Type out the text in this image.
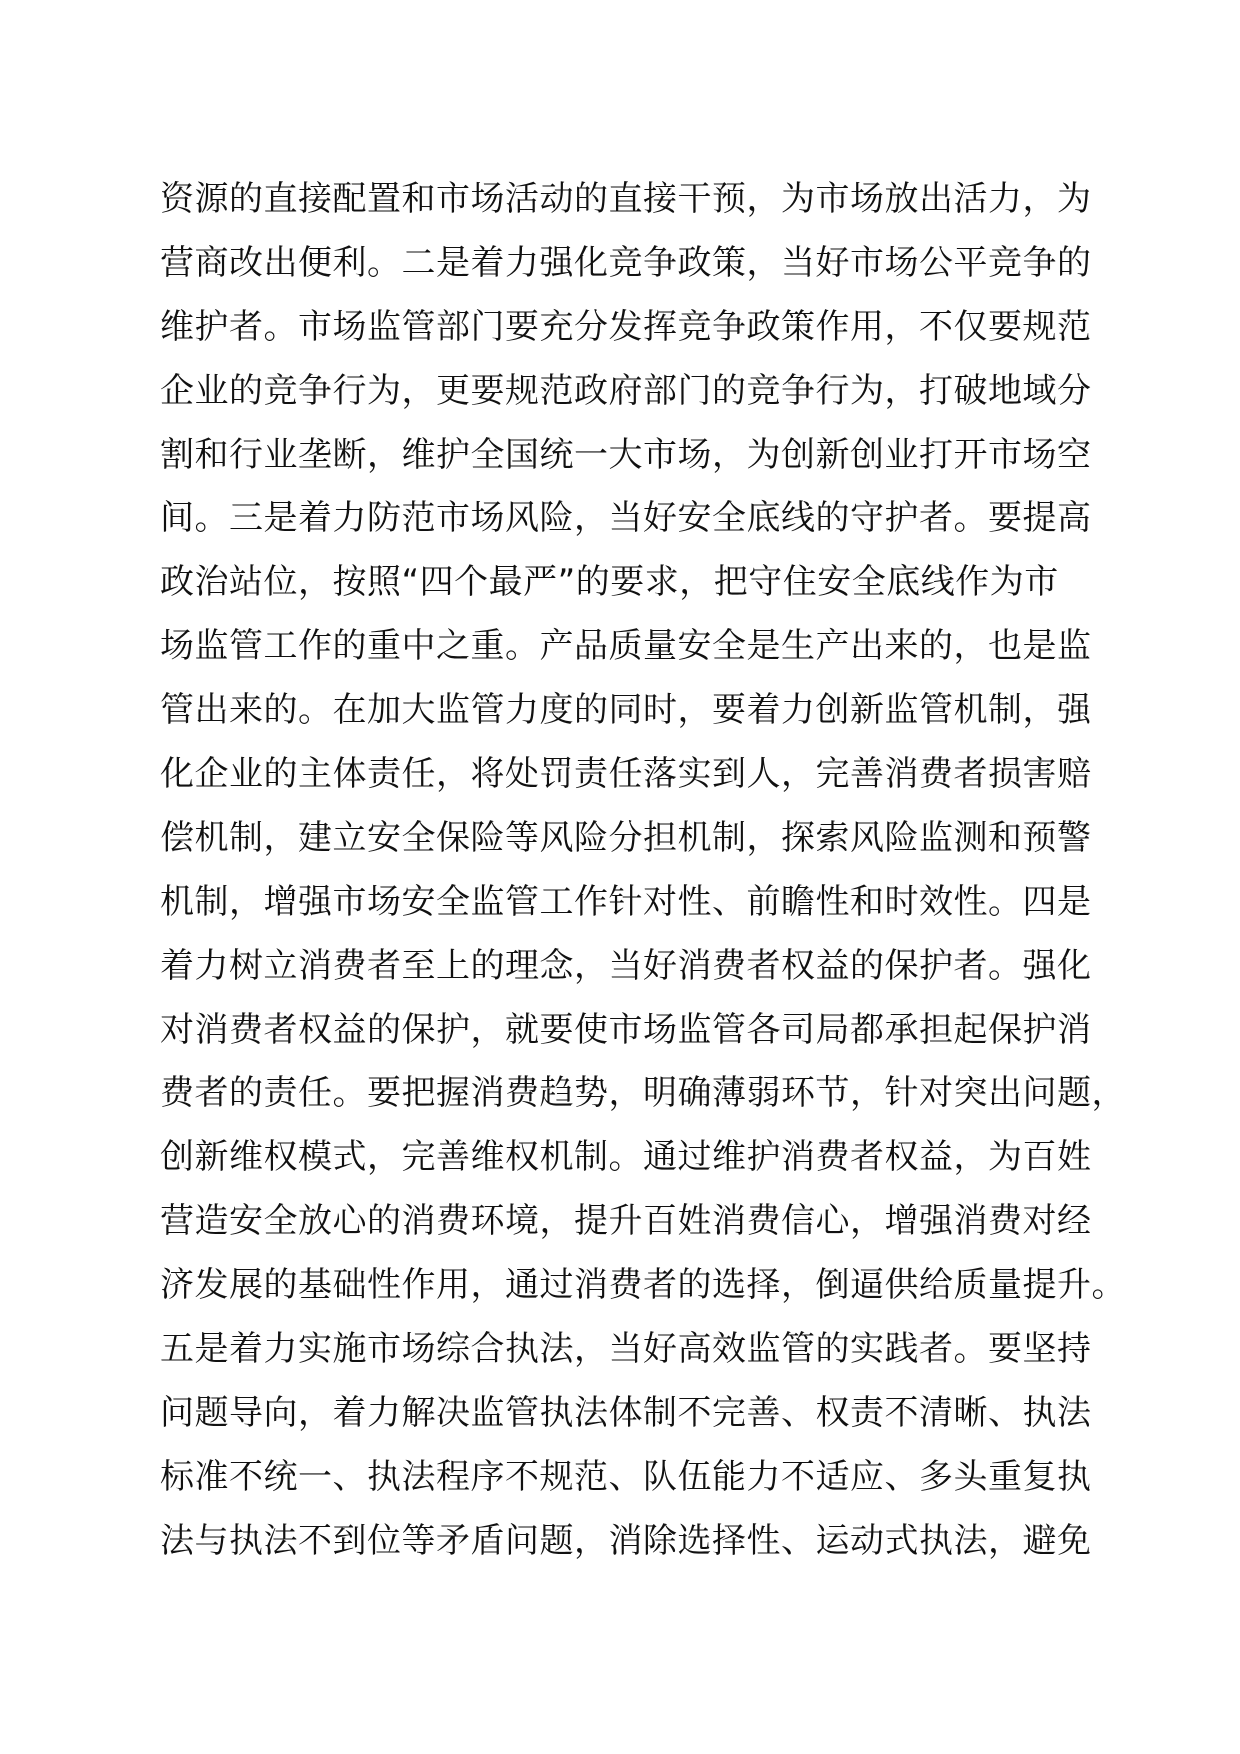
资源的直接配置和市场活动的直接干预，为市场放出活力，为
营商改出便利。二是着力强化竞争政策，当好市场公平竞争的
维护者。市场监管部门要充分发挥竞争政策作用，不仅要规范
企业的竞争行为，更要规范政府部门的竞争行为，打破地域分
割和行业垄断，维护全国统一大市场，为创新创业打开市场空
间。三是着力防范市场风险，当好安全底线的守护者。要提高
政治站位，按照“四个最严”的要求，把守住安全底线作为市
场监管工作的重中之重。产品质量安全是生产出来的，也是监
管出来的。在加大监管力度的同时，要着力创新监管机制，强
化企业的主体责任，将处罚责任落实到人，完善消费者损害赔
偿机制，建立安全保险等风险分担机制，探索风险监测和预警
机制，增强市场安全监管工作针对性、前瞻性和时效性。四是
着力树立消费者至上的理念，当好消费者权益的保护者。强化
对消费者权益的保护，就要使市场监管各司局都承担起保护消
费者的责任。要把握消费趋势，明确薄弱环节，针对突出问题，
创新维权模式，完善维权机制。通过维护消费者权益，为百姓
营造安全放心的消费环境，提升百姓消费信心，增强消费对经
济发展的基础性作用，通过消费者的选择，倒逼供给质量提升。
五是着力实施市场综合执法，当好高效监管的实践者。要坚持
问题导向，着力解决监管执法体制不完善、权责不清晰、执法
标准不统一、执法程序不规范、队伍能力不适应、多头重复执
法与执法不到位等矛盾问题，消除选择性、运动式执法，避免
